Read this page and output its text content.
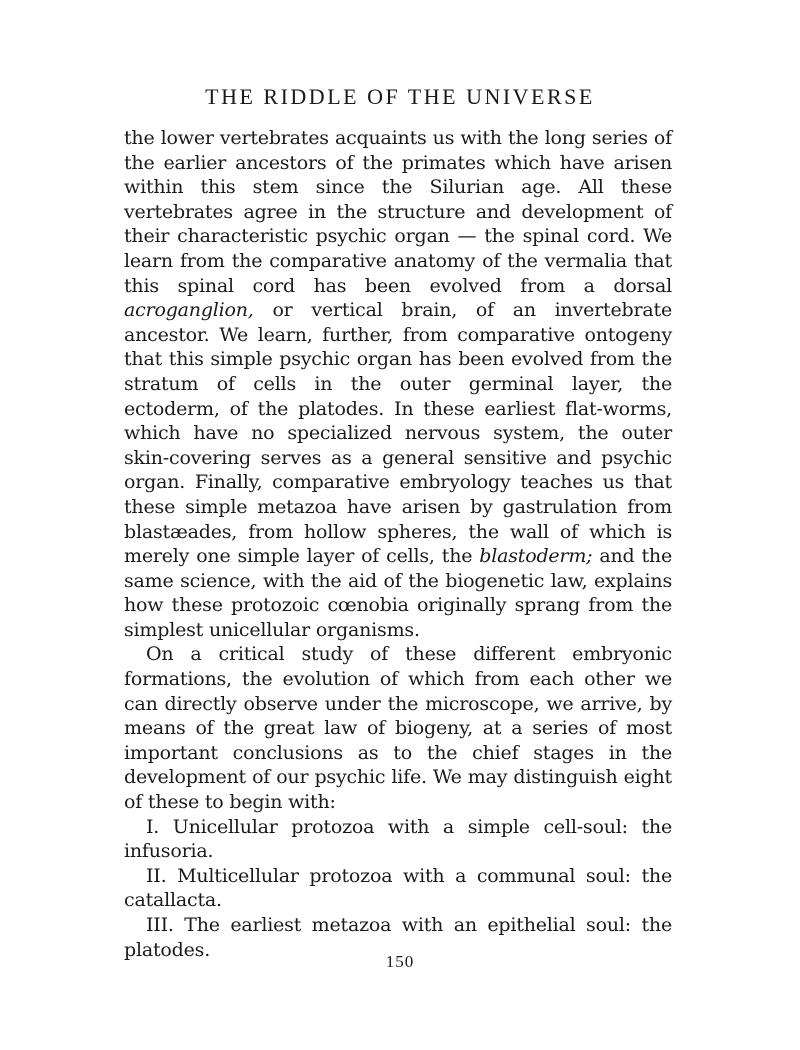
THE RIDDLE OF THE UNIVERSE

the lower vertebrates acquaints us with the long series of the earlier ancestors of the primates which have arisen within this stem since the Silurian age. All these vertebrates agree in the structure and development of their characteristic psychic organ — the spinal cord. We learn from the comparative anatomy of the vermalia that this spinal cord has been evolved from a dorsal acroganglion, or vertical brain, of an invertebrate ancestor. We learn, further, from comparative ontogeny that this simple psychic organ has been evolved from the stratum of cells in the outer germinal layer, the ectoderm, of the platodes. In these earliest flat-worms, which have no specialized nervous system, the outer skin-covering serves as a general sensitive and psychic organ. Finally, comparative embryology teaches us that these simple metazoa have arisen by gastrulation from blastæades, from hollow spheres, the wall of which is merely one simple layer of cells, the blastoderm; and the same science, with the aid of the biogenetic law, explains how these protozoic cœnobia originally sprang from the simplest unicellular organisms.

On a critical study of these different embryonic formations, the evolution of which from each other we can directly observe under the microscope, we arrive, by means of the great law of biogeny, at a series of most important conclusions as to the chief stages in the development of our psychic life. We may distinguish eight of these to begin with:

I. Unicellular protozoa with a simple cell-soul: the infusoria.

II. Multicellular protozoa with a communal soul: the catallacta.

III. The earliest metazoa with an epithelial soul: the platodes.

150
